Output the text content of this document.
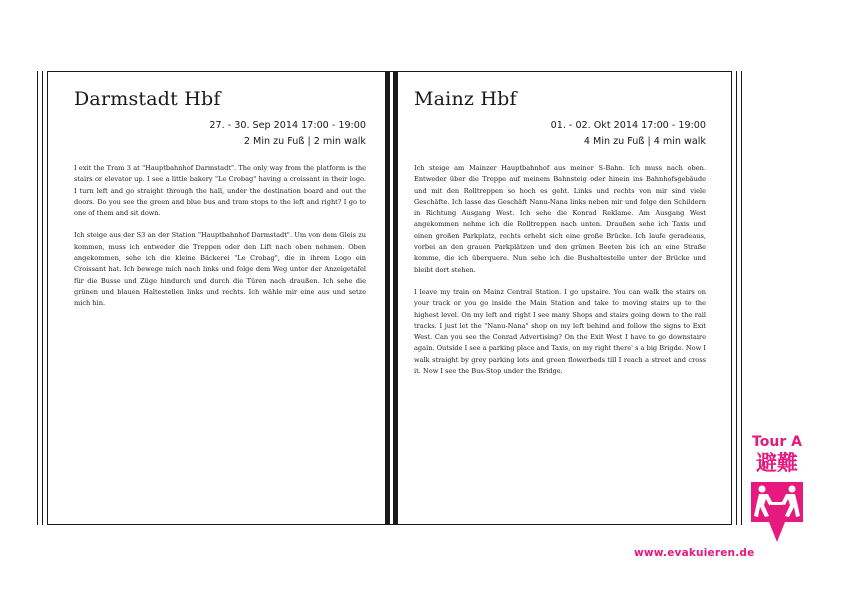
Darmstadt Hbf
27. - 30. Sep 2014 17:00 - 19:00
2 Min zu Fuß | 2 min walk

I exit the Tram 3 at "Hauptbahnhof Darmstadt". The only way from the platform is the stairs or elevator up. I see a little bakery "Le Crobag" having a croissant in their logo. I turn left and go straight through the hall, under the destination board and out the doors. Do you see the green and blue bus and tram stops to the left and right? I go to one of them and sit down.

Ich steige aus der S3 an der Station "Hauptbahnhof Darmstadt". Um von dem Gleis zu kommen, muss ich entweder die Treppen oder den Lift nach oben nehmen. Oben angekommen, sehe ich die kleine Bäckerei "Le Crobag", die in ihrem Logo ein Croissant hat. Ich bewege mich nach links und folge dem Weg unter der Anzeigetafel für die Busse und Züge hindurch und durch die Türen nach draußen. Ich sehe die grünen und blauen Haltestellen links und rechts. Ich wähle mir eine aus und setze mich hin.

Mainz Hbf
01. - 02. Okt 2014 17:00 - 19:00
4 Min zu Fuß | 4 min walk

Ich steige am Mainzer Hauptbahnhof aus meiner S-Bahn. Ich muss nach oben. Entweder über die Treppe auf meinem Bahnsteig oder hinein ins Bahnhofsgebäude und mit den Rolltreppen so hoch es geht. Links und rechts von mir sind viele Geschäfte. Ich lasse das Geschäft Nanu-Nana links neben mir und folge den Schildern in Richtung Ausgang West. Ich sehe die Konrad Reklame. Am Ausgang West angekommen nehme ich die Rolltreppen nach unten. Draußen sehe ich Taxis und einen großen Parkplatz, rechts erhebt sich eine große Brücke. Ich laufe geradeaus, vorbei an den grauen Parkplätzen und den grünen Beeten bis ich an eine Straße komme, die ich überquere. Nun sehe ich die Bushaltestelle unter der Brücke und bleibt dort stehen.

I leave my train on Mainz Central Station. I go upstaire. You can walk the stairs on your track or you go inside the Main Station and take to moving stairs up to the highest level. On my left and right I see many Shops and stairs going down to the rail tracks. I just let the "Nanu-Nana" shop on my left behind and follow the signs to Exit West. Can you see the Conrad Advertising? On the Exit West I have to go downstaire again. Outside I see a parking place and Taxis, on my right there' s a big Brigde. Now I walk straight by grey parking lots and green flowerbeds till I reach a street and cross it. Now I see the Bus-Stop under the Bridge.

Tour A
避難
www.evakuieren.de
